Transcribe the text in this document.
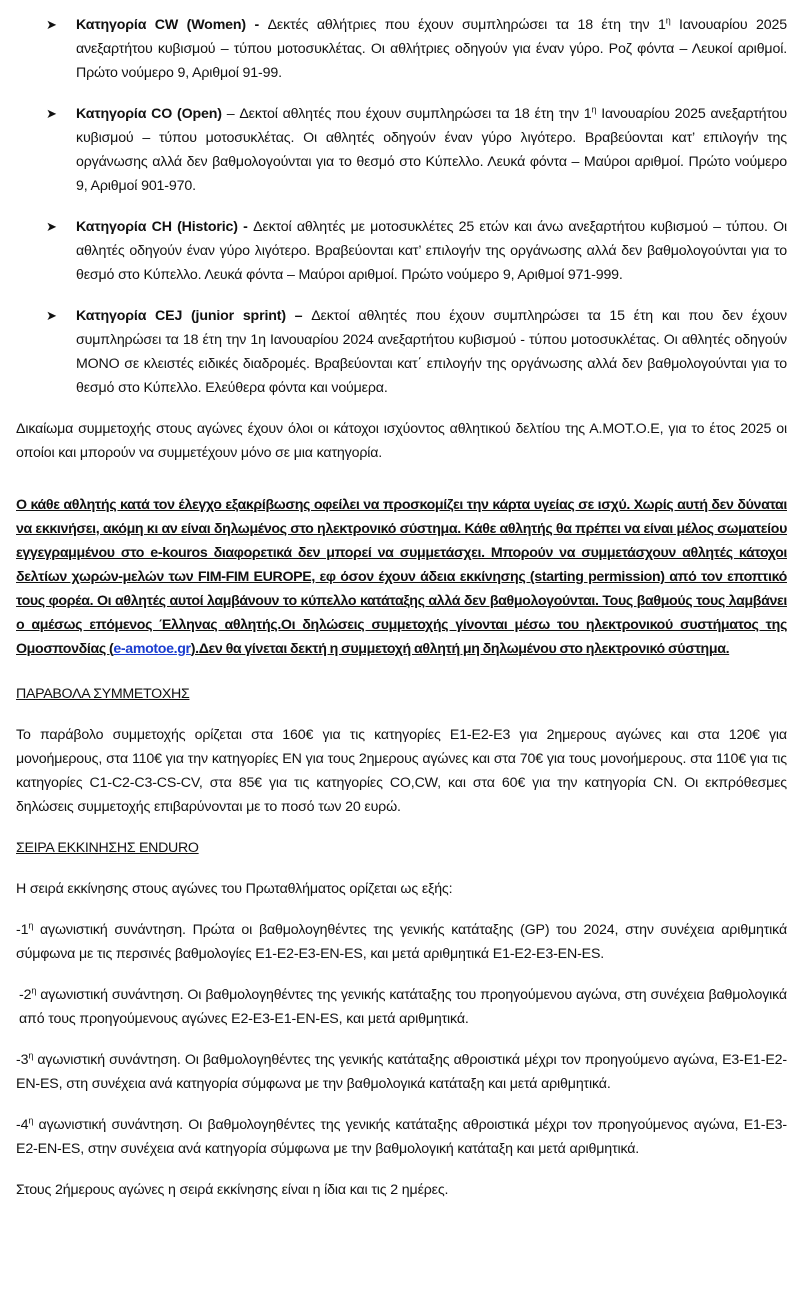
➤ Κατηγορία CW (Women) - Δεκτές αθλήτριες που έχουν συμπληρώσει τα 18 έτη την $1^\eta$ Ιανουαρίου 2025 ανεξαρτήτου κυβισμού – τύπου μοτοσυκλέτας. Οι αθλήτριες οδηγούν για έναν γύρο. Ροζ φόντα – Λευκοί αριθμοί. Πρώτο νούμερο 9, Αριθμοί 91-99.
➤ Κατηγορία CO (Open) – Δεκτοί αθλητές που έχουν συμπληρώσει τα 18 έτη την $1^\eta$ Ιανουαρίου 2025 ανεξαρτήτου κυβισμού – τύπου μοτοσυκλέτας. Οι αθλητές οδηγούν έναν γύρο λιγότερο. Βραβεύονται κατ’ επιλογήν της οργάνωσης αλλά δεν βαθμολογούνται για το θεσμό στο Κύπελλο. Λευκά φόντα – Μαύροι αριθμοί. Πρώτο νούμερο 9, Αριθμοί 901-970.
➤ Κατηγορία CH (Historic) - Δεκτοί αθλητές με μοτοσυκλέτες 25 ετών και άνω ανεξαρτήτου κυβισμού – τύπου. Οι αθλητές οδηγούν έναν γύρο λιγότερο. Βραβεύονται κατ’ επιλογήν της οργάνωσης αλλά δεν βαθμολογούνται για το θεσμό στο Κύπελλο. Λευκά φόντα – Μαύροι αριθμοί. Πρώτο νούμερο 9, Αριθμοί 971-999.
➤ Κατηγορία CEJ (junior sprint) – Δεκτοί αθλητές που έχουν συμπληρώσει τα 15 έτη και που δεν έχουν συμπληρώσει τα 18 έτη την 1η Ιανουαρίου 2024 ανεξαρτήτου κυβισμού - τύπου μοτοσυκλέτας. Οι αθλητές οδηγούν ΜΟΝΟ σε κλειστές ειδικές διαδρομές. Βραβεύονται κατ΄ επιλογήν της οργάνωσης αλλά δεν βαθμολογούνται για το θεσμό στο Κύπελλο. Ελεύθερα φόντα και νούμερα.

Δικαίωμα συμμετοχής στους αγώνες έχουν όλοι οι κάτοχοι ισχύοντος αθλητικού δελτίου της Α.ΜΟΤ.Ο.Ε, για το έτος 2025 οι οποίοι και μπορούν να συμμετέχουν μόνο σε μια κατηγορία.

Ο κάθε αθλητής κατά τον έλεγχο εξακρίβωσης οφείλει να προσκομίζει την κάρτα υγείας σε ισχύ. Χωρίς αυτή δεν δύναται να εκκινήσει, ακόμη κι αν είναι δηλωμένος στο ηλεκτρονικό σύστημα. Κάθε αθλητής θα πρέπει να είναι μέλος σωματείου εγγεγραμμένου στο e-kouros διαφορετικά δεν μπορεί να συμμετάσχει. Μπορούν να συμμετάσχουν αθλητές κάτοχοι δελτίων χωρών-μελών των FIM-FIM EUROPE, εφ όσον έχουν άδεια εκκίνησης (starting permission) από τον εποπτικό τους φορέα. Οι αθλητές αυτοί λαμβάνουν το κύπελλο κατάταξης αλλά δεν βαθμολογούνται. Τους βαθμούς τους λαμβάνει ο αμέσως επόμενος Έλληνας αθλητής.Οι δηλώσεις συμμετοχής γίνονται μέσω του ηλεκτρονικού συστήματος της Ομοσπονδίας (e-amotoe.gr).Δεν θα γίνεται δεκτή η συμμετοχή αθλητή μη δηλωμένου στο ηλεκτρονικό σύστημα.

ΠΑΡΑΒΟΛΑ ΣΥΜΜΕΤΟΧΗΣ

Το παράβολο συμμετοχής ορίζεται στα 160€ για τις κατηγορίες Ε1-Ε2-Ε3 για 2ημερους αγώνες και στα 120€ για μονοήμερους, στα 110€ για την κατηγορίες ΕΝ για τους 2ημερους αγώνες και στα 70€ για τους μονοήμερους. στα 110€ για τις κατηγορίες C1-C2-C3-CS-CV, στα 85€ για τις κατηγορίες CO,CW, και στα 60€ για την κατηγορία CN. Οι εκπρόθεσμες δηλώσεις συμμετοχής επιβαρύνονται με το ποσό των 20 ευρώ.

ΣΕΙΡΑ ΕΚΚΙΝΗΣΗΣ ENDURO

Η σειρά εκκίνησης στους αγώνες του Πρωταθλήματος ορίζεται ως εξής:

$-1^\eta$ αγωνιστική συνάντηση. Πρώτα οι βαθμολογηθέντες της γενικής κατάταξης (GP) του 2024, στην συνέχεια αριθμητικά σύμφωνα με τις περσινές βαθμολογίες Ε1-Ε2-Ε3-ΕΝ-ES, και μετά αριθμητικά Ε1-Ε2-Ε3-ΕΝ-ES.

$-2^\eta$ αγωνιστική συνάντηση. Οι βαθμολογηθέντες της γενικής κατάταξης του προηγούμενου αγώνα, στη συνέχεια βαθμολογικά από τους προηγούμενους αγώνες Ε2-Ε3-Ε1-ΕΝ-ES, και μετά αριθμητικά.

$-3^\eta$ αγωνιστική συνάντηση. Οι βαθμολογηθέντες της γενικής κατάταξης αθροιστικά μέχρι τον προηγούμενο αγώνα, Ε3-Ε1-Ε2-ΕΝ-ES, στη συνέχεια ανά κατηγορία σύμφωνα με την βαθμολογικά κατάταξη και μετά αριθμητικά.

$-4^\eta$ αγωνιστική συνάντηση. Οι βαθμολογηθέντες της γενικής κατάταξης αθροιστικά μέχρι τον προηγούμενος αγώνα, Ε1-Ε3-Ε2-ΕΝ-ES, στην συνέχεια ανά κατηγορία σύμφωνα με την βαθμολογική κατάταξη και μετά αριθμητικά.

Στους 2ήμερους αγώνες η σειρά εκκίνησης είναι η ίδια και τις 2 ημέρες.
